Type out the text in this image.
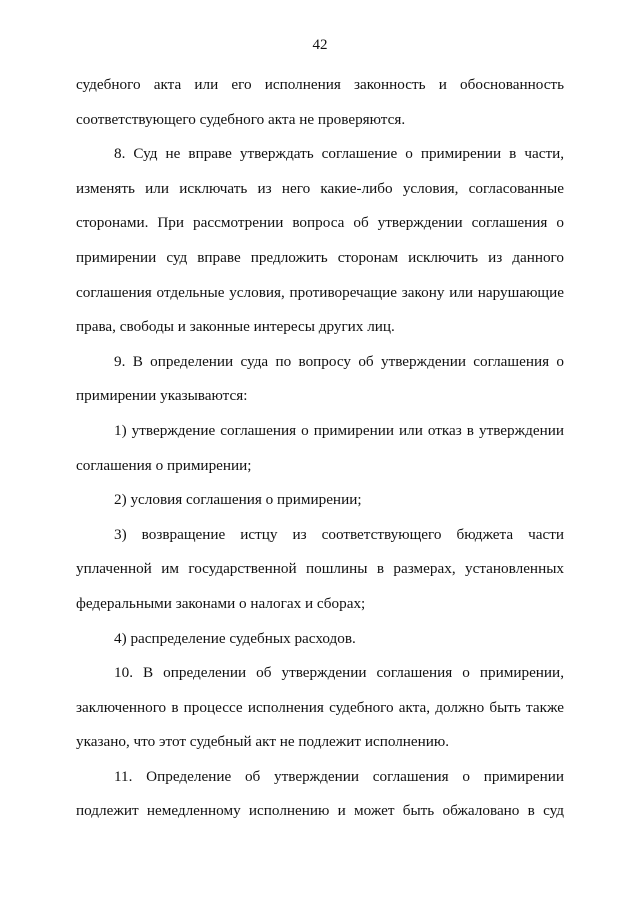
42

судебного акта или его исполнения законность и обоснованность соответствующего судебного акта не проверяются.

8. Суд не вправе утверждать соглашение о примирении в части, изменять или исключать из него какие-либо условия, согласованные сторонами. При рассмотрении вопроса об утверждении соглашения о примирении суд вправе предложить сторонам исключить из данного соглашения отдельные условия, противоречащие закону или нарушающие права, свободы и законные интересы других лиц.

9. В определении суда по вопросу об утверждении соглашения о примирении указываются:

1) утверждение соглашения о примирении или отказ в утверждении соглашения о примирении;

2) условия соглашения о примирении;

3) возвращение истцу из соответствующего бюджета части уплаченной им государственной пошлины в размерах, установленных федеральными законами о налогах и сборах;

4) распределение судебных расходов.

10. В определении об утверждении соглашения о примирении, заключенного в процессе исполнения судебного акта, должно быть также указано, что этот судебный акт не подлежит исполнению.

11. Определение об утверждении соглашения о примирении подлежит немедленному исполнению и может быть обжаловано в суд
